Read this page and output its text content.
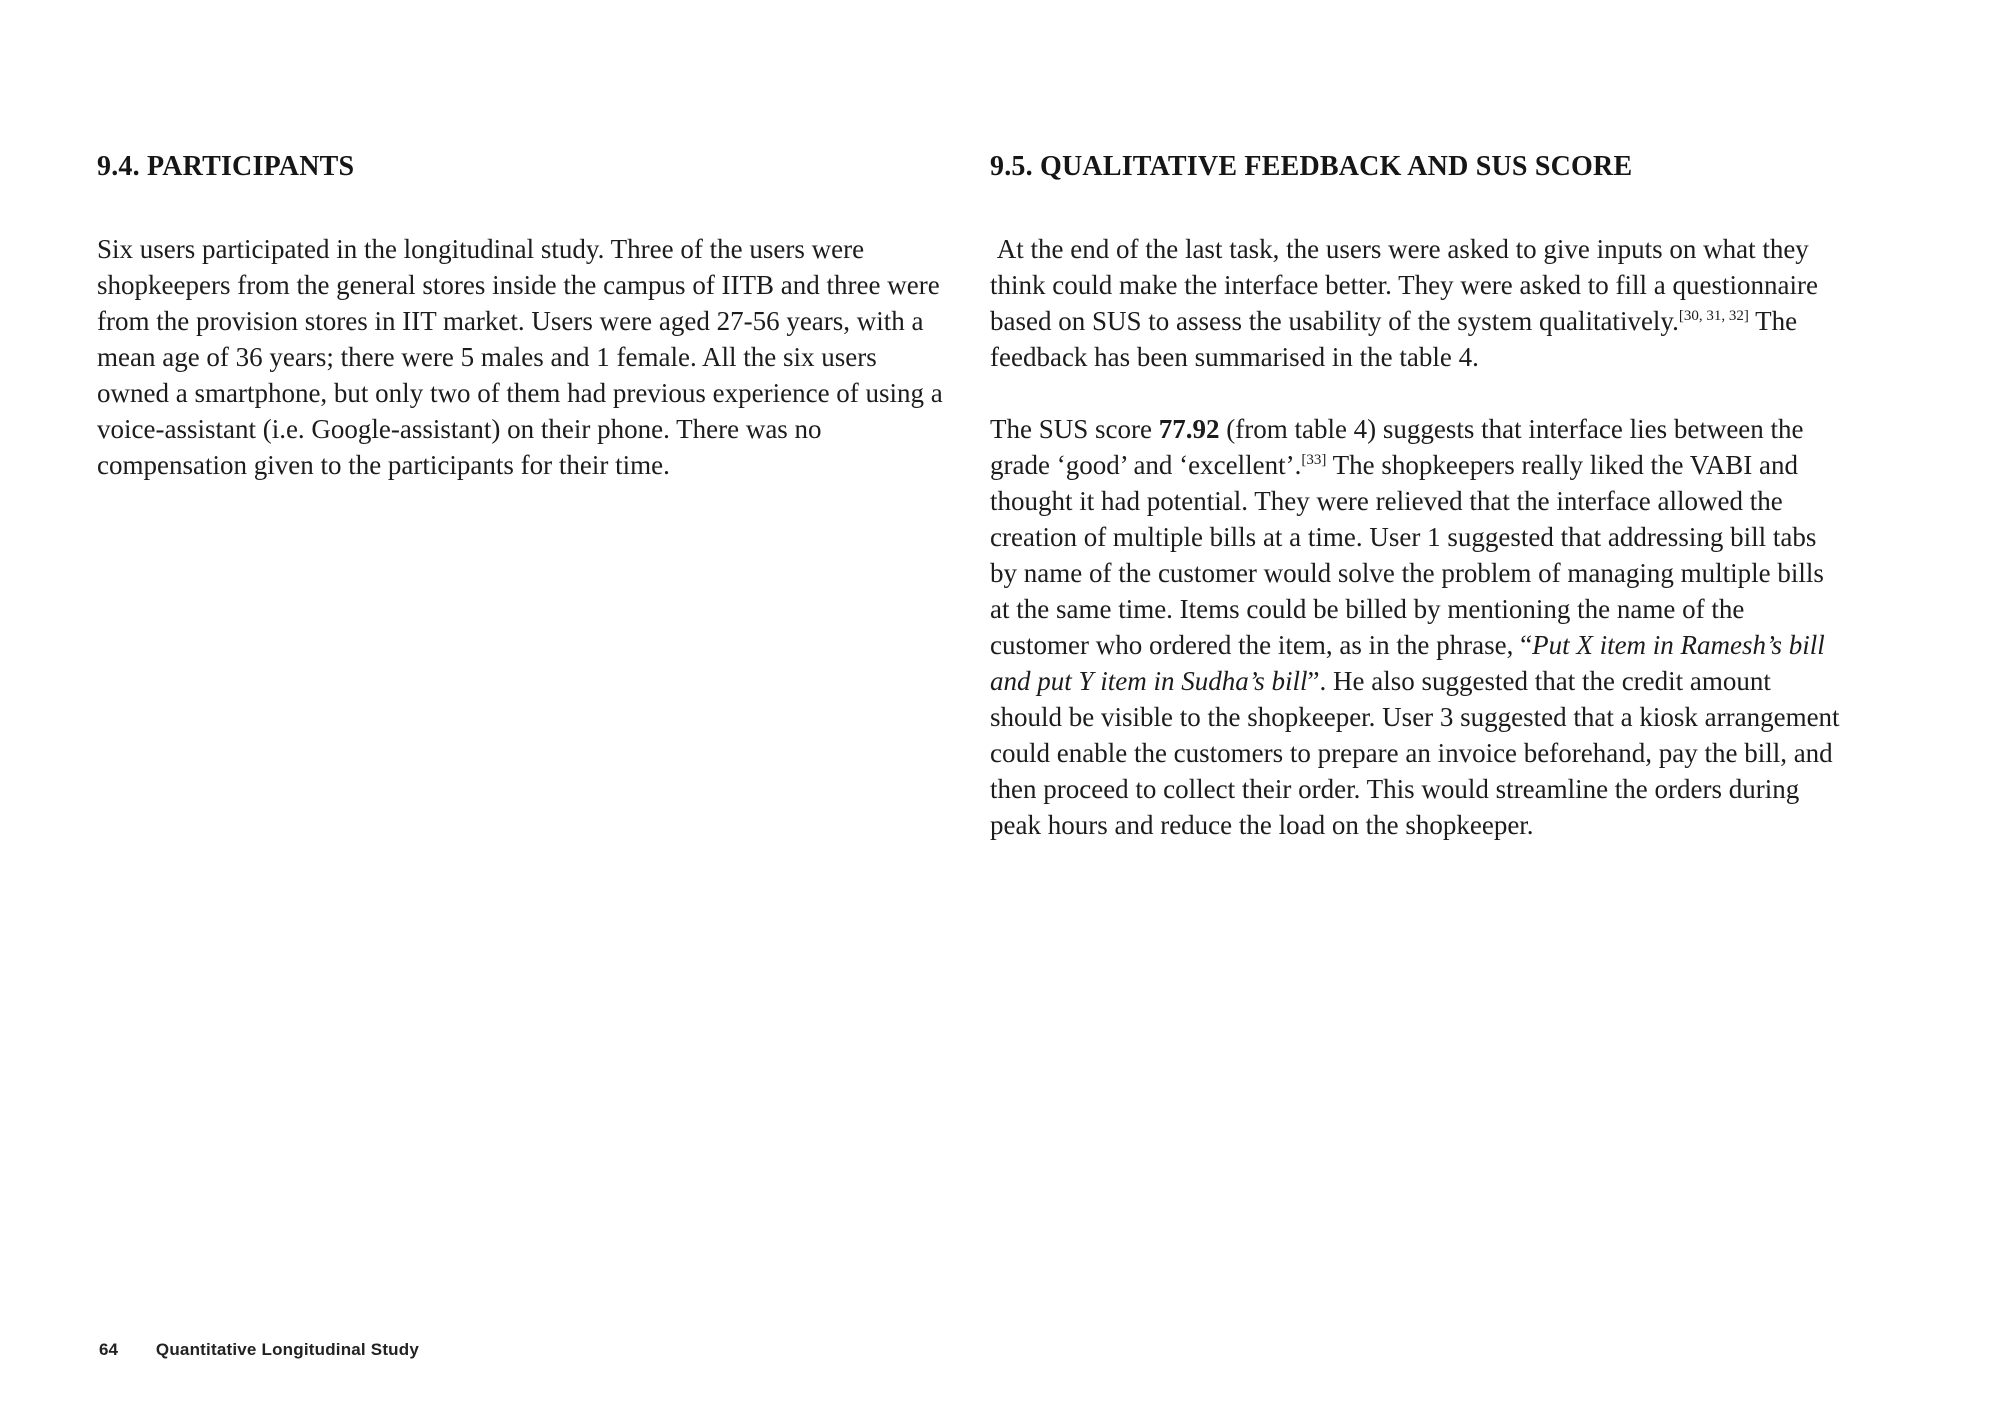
9.4. PARTICIPANTS

Six users participated in the longitudinal study. Three of the users were shopkeepers from the general stores inside the campus of IITB and three were from the provision stores in IIT market. Users were aged 27-56 years, with a mean age of 36 years; there were 5 males and 1 female. All the six users owned a smartphone, but only two of them had previous experience of using a voice-assistant (i.e. Google-assistant) on their phone. There was no compensation given to the participants for their time.

9.5. QUALITATIVE FEEDBACK AND SUS SCORE

At the end of the last task, the users were asked to give inputs on what they think could make the interface better. They were asked to fill a questionnaire based on SUS to assess the usability of the system qualitatively.[30, 31, 32] The feedback has been summarised in the table 4.

The SUS score 77.92 (from table 4) suggests that interface lies between the grade ‘good’ and ‘excellent’.[33] The shopkeepers really liked the VABI and thought it had potential. They were relieved that the interface allowed the creation of multiple bills at a time. User 1 suggested that addressing bill tabs by name of the customer would solve the problem of managing multiple bills at the same time. Items could be billed by mentioning the name of the customer who ordered the item, as in the phrase, “Put X item in Ramesh’s bill and put Y item in Sudha’s bill”. He also suggested that the credit amount should be visible to the shopkeeper. User 3 suggested that a kiosk arrangement could enable the customers to prepare an invoice beforehand, pay the bill, and then proceed to collect their order. This would streamline the orders during peak hours and reduce the load on the shopkeeper.

64 Quantitative Longitudinal Study
